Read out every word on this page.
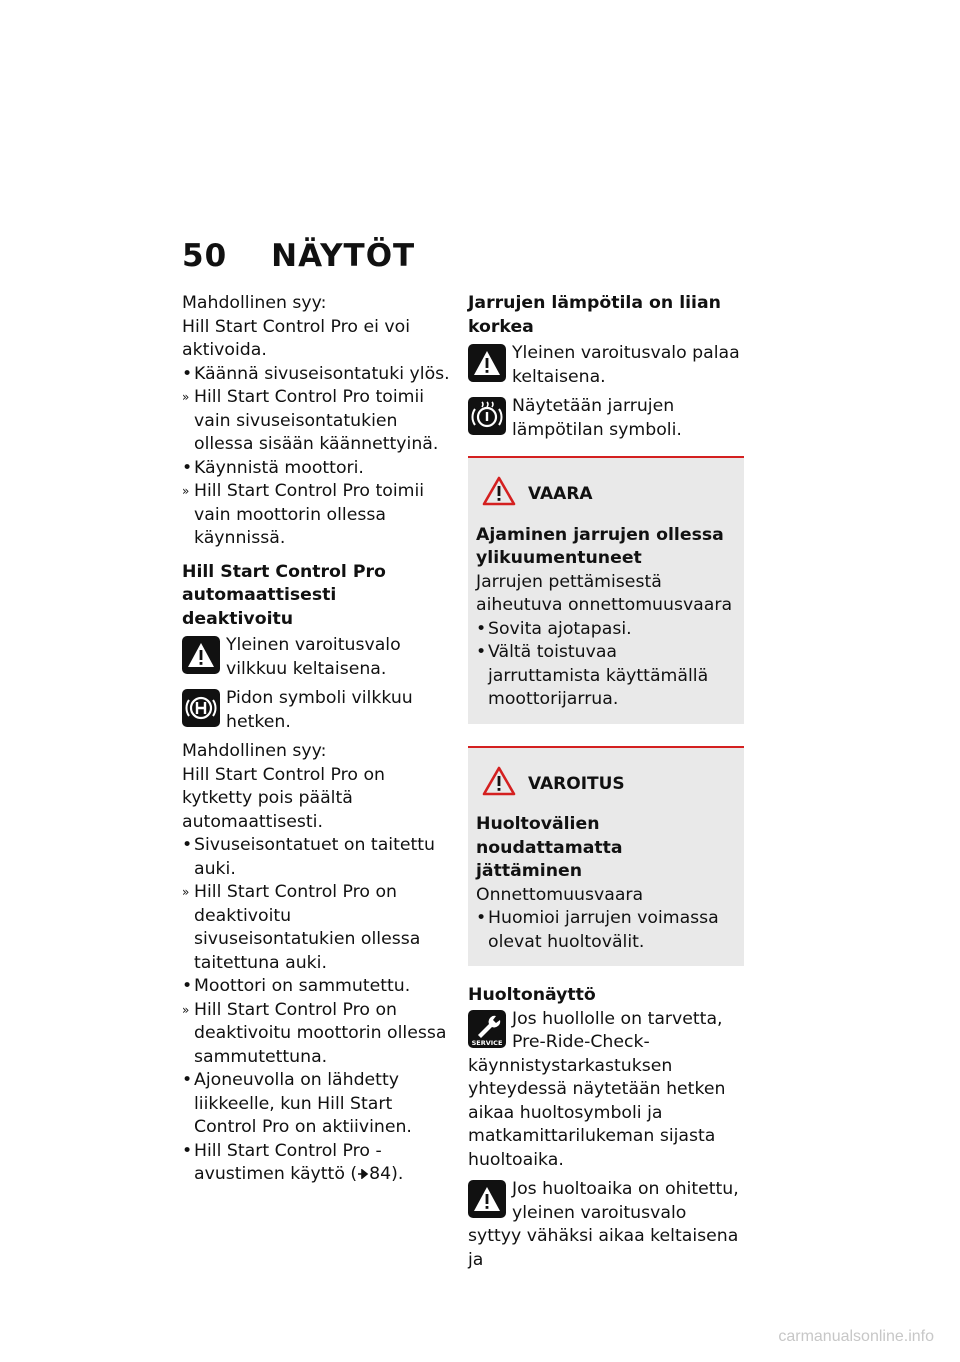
50 NÄYTÖT

Mahdollinen syy:

Hill Start Control Pro ei voi aktivoida.

• Käännä sivuseisontatuki ylös.
» Hill Start Control Pro toimii vain sivuseisontatukien ollessa sisään käännettyinä.
• Käynnistä moottori.
» Hill Start Control Pro toimii vain moottorin ollessa käynnissä.

Hill Start Control Pro automaattisesti deaktivoitu

Yleinen varoitusvalo vilkkuu keltaisena.
Pidon symboli vilkkuu hetken.

Mahdollinen syy:

Hill Start Control Pro on kytketty pois päältä automaattisesti.

• Sivuseisontatuet on taitettu auki.
» Hill Start Control Pro on deaktivoitu sivuseisontatukien ollessa taitettuna auki.
• Moottori on sammutettu.
» Hill Start Control Pro on deaktivoitu moottorin ollessa sammutettuna.
• Ajoneuvolla on lähdetty liikkeelle, kun Hill Start Control Pro on aktiivinen.
• Hill Start Control Pro -avustimen käyttö ( 84).

Jarrujen lämpötila on liian korkea

Yleinen varoitusvalo palaa keltaisena.
Näytetään jarrujen lämpötilan symboli.
VAARA

Ajaminen jarrujen ollessa ylikuumentuneet

Jarrujen pettämisestä aiheutuva onnettomuusvaara

• Sovita ajotapasi.
• Vältä toistuvaa jarruttamista käyttämällä moottorijarrua.
VAROITUS

Huoltovälien noudattamatta jättäminen

Onnettomuusvaara

• Huomioi jarrujen voimassa olevat huoltovälit.

Huoltonäyttö

SERVICE
Jos huollolle on tarvetta, Pre-Ride-Check-käynnistystarkastuksen yhteydessä näytetään hetken aikaa huoltosymboli ja matkamittarilukeman sijasta huoltoaika.
Jos huoltoaika on ohitettu, yleinen varoitusvalo syttyy vähäksi aikaa keltaisena ja
carmanualsonline.info
